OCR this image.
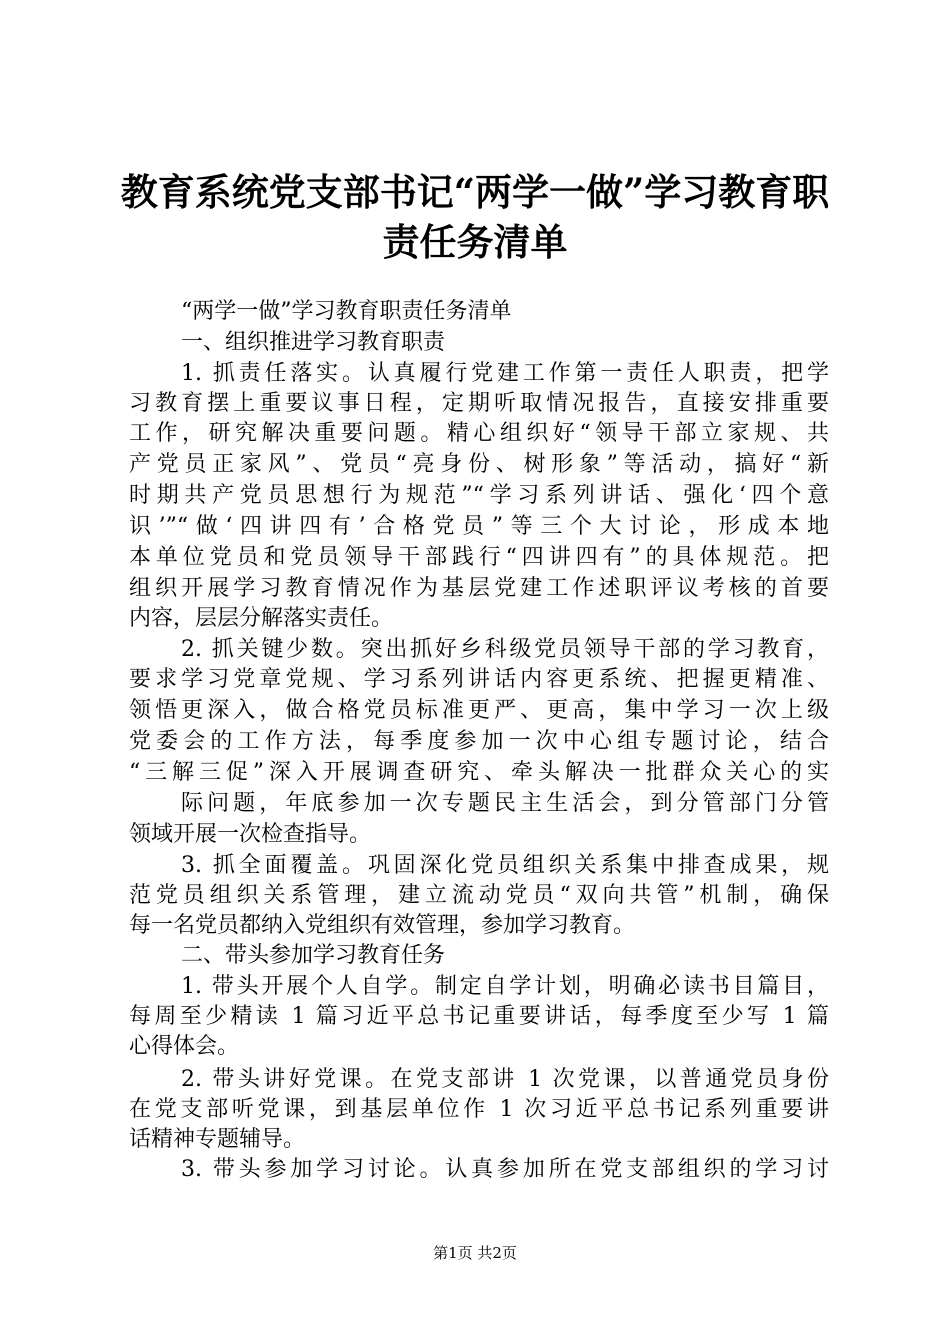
教育系统党支部书记“两学一做”学习教育职
责任务清单
“两学一做”学习教育职责任务清单
一、组织推进学习教育职责
1. 抓责任落实。认真履行党建工作第一责任人职责，把学
习教育摆上重要议事日程，定期听取情况报告，直接安排重要
工作，研究解决重要问题。精心组织好“领导干部立家规、共
产党员正家风”、党员“亮身份、树形象”等活动，搞好“新
时期共产党员思想行为规范”“学习系列讲话、强化‘四个意
识’”“做‘四讲四有’合格党员”等三个大讨论，形成本地
本单位党员和党员领导干部践行“四讲四有”的具体规范。把
组织开展学习教育情况作为基层党建工作述职评议考核的首要
内容，层层分解落实责任。
2. 抓关键少数。突出抓好乡科级党员领导干部的学习教育，
要求学习党章党规、学习系列讲话内容更系统、把握更精准、
领悟更深入，做合格党员标准更严、更高，集中学习一次上级
党委会的工作方法，每季度参加一次中心组专题讨论，结合
“三解三促”深入开展调查研究、牵头解决一批群众关心的实
际问题，年底参加一次专题民主生活会，到分管部门分管
领域开展一次检查指导。
3. 抓全面覆盖。巩固深化党员组织关系集中排查成果，规
范党员组织关系管理，建立流动党员“双向共管”机制，确保
每一名党员都纳入党组织有效管理，参加学习教育。
二、带头参加学习教育任务
1. 带头开展个人自学。制定自学计划，明确必读书目篇目，
每周至少精读 1 篇习近平总书记重要讲话，每季度至少写 1 篇
心得体会。
2. 带头讲好党课。在党支部讲 1 次党课，以普通党员身份
在党支部听党课，到基层单位作 1 次习近平总书记系列重要讲
话精神专题辅导。
3. 带头参加学习讨论。认真参加所在党支部组织的学习讨
第1页 共2页
